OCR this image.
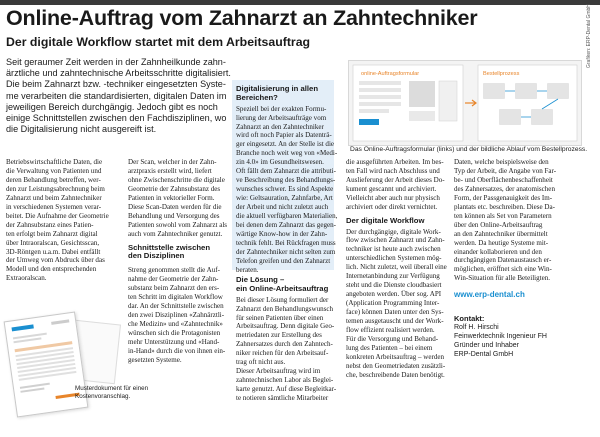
Online-Auftrag vom Zahnarzt an Zahntechniker
Der digitale Workflow startet mit dem Arbeitsauftrag
Seit geraumer Zeit werden in der Zahnheilkunde zahn-
ärztliche und zahntechnische Arbeitsschritte digitalisiert.
Die beim Zahnarzt bzw. -techniker eingesetzten Syste-
me verarbeiten die standardisierten, digitalen Daten im
jeweiligen Bereich durchgängig. Jedoch gibt es noch
einige Schnittstellen zwischen den Fachdisziplinen, wo
die Digitalisierung nicht ausgereift ist.
Betriebswirtschaftliche Daten, die
die Verwaltung von Patienten und
deren Behandlung betreffen, wer-
den zur Leistungsabrechnung beim
Zahnarzt und beim Zahntechniker
in verschiedenen Systemen verar-
beitet. Die Aufnahme der Geometrie
der Zahnsubstanz eines Patien-
ten erfolgt beim Zahnarzt digital
über Intraoralscan, Gesichtsscan,
3D-Röntgen u.a.m. Dabei entfällt
der Umweg vom Abdruck über das
Modell und den entsprechenden
Extraoralscan.
Der Scan, welcher in der Zahn-
arztpraxis erstellt wird, liefert
ohne Zwischenschritte die digitale
Geometrie der Zahnsubstanz des
Patienten in vektorieller Form.
Diese Scan-Daten werden für die
Behandlung und Versorgung des
Patienten sowohl vom Zahnarzt als
auch vom Zahntechniker genutzt.
Schnittstelle zwischen
den Disziplinen
Streng genommen stellt die Auf-
nahme der Geometrie der Zahn-
substanz beim Zahnarzt den ers-
ten Schritt im digitalen Workflow
dar. An der Schnittstelle zwischen
den zwei Disziplinen «Zahnärztli-
che Medizin» und «Zahntechnik»
wünschen sich die Protagonisten
mehr Unterstützung und «Hand-
in-Hand» durch die von ihnen ein-
gesetzten Systeme.
Digitalisierung in allen
Bereichen?
Speziell bei der exakten Formu-
lierung der Arbeitsaufträge vom
Zahnarzt an den Zahntechniker
wird oft noch Papier als Datenträ-
ger eingesetzt. An der Stelle ist die
Branche noch weit weg von «Medi-
zin 4.0» im Gesundheitswesen.
Oft fällt dem Zahnarzt die attributi-
ve Beschreibung des Behandlungs-
wunsches schwer. Es sind Aspekte
wie: Geltsauration, Zahnfarbe, Art
der Arbeit und nicht zuletzt auch
die aktuell verfügbaren Materialien,
bei denen dem Zahnarzt das gegen-
wärtige Know-how in der Zahn-
technik fehlt. Bei Rückfragen muss
der Zahntechniker nicht selten zum
Telefon greifen und den Zahnarzt
beraten.
Die Lösung –
ein Online-Arbeitsauftrag
Bei dieser Lösung formuliert der
Zahnarzt den Behandlungswunsch
für seinen Patienten über einen
Arbeitsauftrag. Denn digitale Geo-
metriedaten zur Erstellung des
Zahnersatzes durch den Zahntech-
niker reichen für den Arbeitsauf-
trag oft nicht aus.
Dieser Arbeitsauftrag wird im
zahntechnischen Labor als Beglei-
karte genutzt. Auf diese Begleitkar-
te notieren sämtliche Mitarbeiter
online-Auftragsformular	Bestellprozess
Grafiken: ERP-Dental GmbH
Das Online-Auftragsformular (links) und der bildliche Ablauf vom Bestellprozess.
die ausgeführten Arbeiten. Im bes-
ten Fall wird nach Abschluss und
Auslieferung der Arbeit dieses Do-
kument gescannt und archiviert.
Vielleicht aber auch nur physisch
archiviert oder direkt vernichtet.
Der digitale Workflow
Der durchgängige, digitale Work-
flow zwischen Zahnarzt und Zahn-
techniker ist heute auch zwischen
unterschiedlichen Systemen mög-
lich. Nicht zuletzt, weil überall eine
Internetanbindung zur Verfügung
steht und die Dienste cloudbasiert
angeboten werden. Über sog. API
(Application Programming Inter-
face) können Daten unter den Sys-
temen ausgetauscht und der Work-
flow effizient realisiert werden.
Für die Versorgung und Behand-
lung des Patienten – bei einem
konkreten Arbeitsauftrag – werden
nebst den Geometriedaten zusätzli-
che, beschreibende Daten benötigt.
Daten, welche beispielsweise den
Typ der Arbeit, die Angabe von Far-
be- und Oberflächenbeschaffenheit
des Zahnersatzes, der anatomischen
Form, der Passgenauigkeit des Im-
plantats etc. beschreiben. Diese Da-
ten können als Set von Parametern
über den Online-Arbeitsauftrag
an den Zahntechniker übermittelt
werden. Da heutige Systeme mit-
einander kollaborieren und den
durchgängigen Datenaustausch er-
möglichen, eröffnet sich eine Win-
Win-Situation für alle Beteiligten.
www.erp-dental.ch
Kontakt:
Rolf H. Hirschi
Feinwerktechnik Ingenieur FH
Gründer und Inhaber
ERP-Dental GmbH
Musterdokument für einen
Kostenvoranschlag.
